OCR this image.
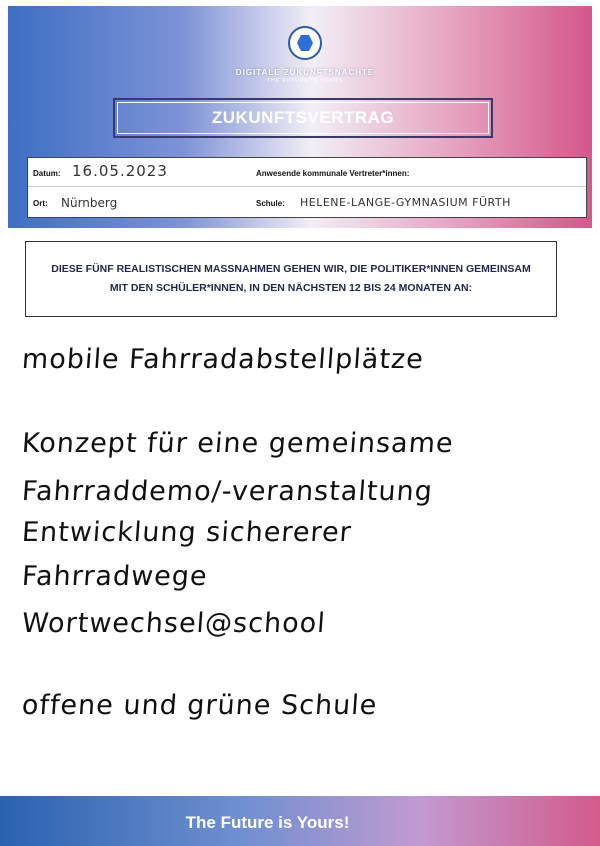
DIGITALE ZUKUNFTSNÄCHTE
THE FUTURE IS YOURS
ZUKUNFTSVERTRAG
Datum: 16.05.2023	Anwesende kommunale Vertreter*innen:
Ort: Nürnberg	Schule: HELENE-LANGE-GYMNASIUM FÜRTH
DIESE FÜNF REALISTISCHEN MASSNAHMEN GEHEN WIR, DIE POLITIKER*INNEN GEMEINSAM MIT DEN SCHÜLER*INNEN, IN DEN NÄCHSTEN 12 BIS 24 MONATEN AN:
mobile Fahrradabstellplätze
Konzept für eine gemeinsame
Fahrraddemo/-veranstaltung
Entwicklung sichererer
Fahrradwege
Wortwechsel@school
offene und grüne Schule
The Future is Yours!
